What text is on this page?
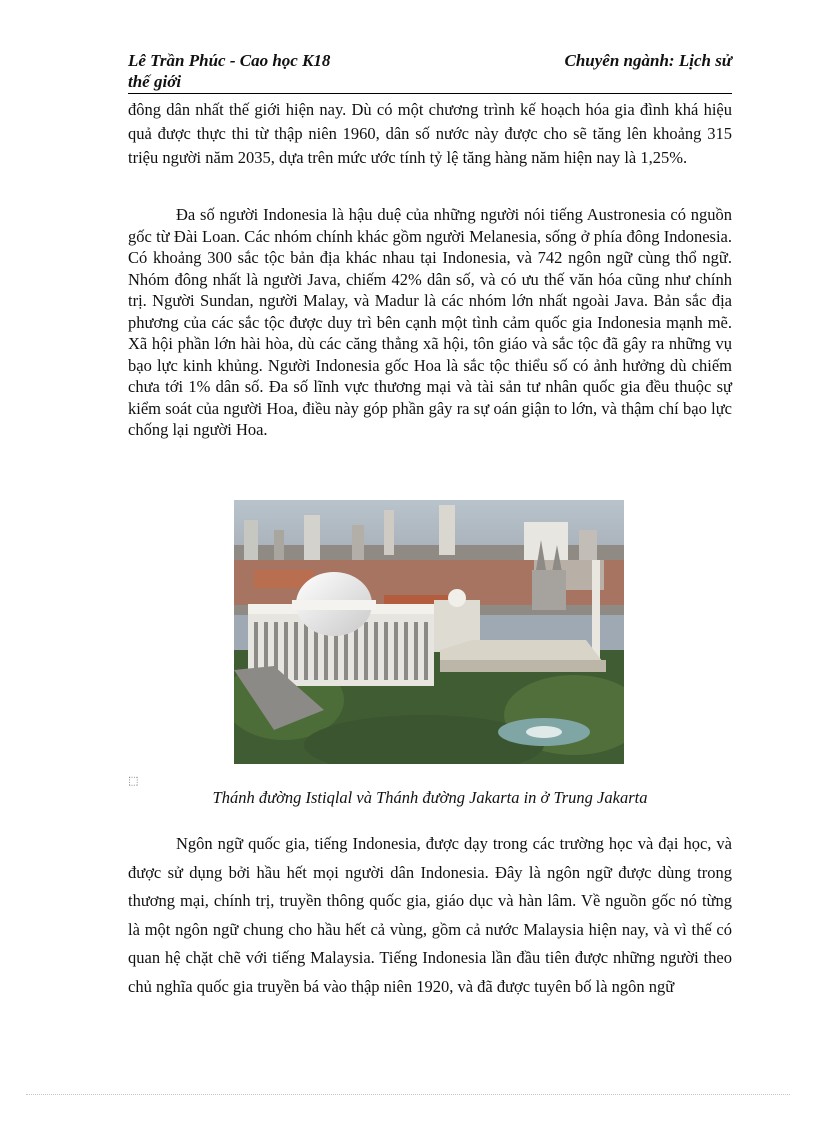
Lê Trần Phúc - Cao học K18	Chuyên ngành: Lịch sử
thế giới

đông dân nhất thế giới hiện nay. Dù có một chương trình kế hoạch hóa gia đình khá hiệu quả được thực thi từ thập niên 1960, dân số nước này được cho sẽ tăng lên khoảng 315 triệu người năm 2035, dựa trên mức ước tính tỷ lệ tăng hàng năm hiện nay là 1,25%.

Đa số người Indonesia là hậu duệ của những người nói tiếng Austronesia có nguồn gốc từ Đài Loan. Các nhóm chính khác gồm người Melanesia, sống ở phía đông Indonesia. Có khoảng 300 sắc tộc bản địa khác nhau tại Indonesia, và 742 ngôn ngữ cùng thổ ngữ. Nhóm đông nhất là người Java, chiếm 42% dân số, và có ưu thế văn hóa cũng như chính trị. Người Sundan, người Malay, và Madur là các nhóm lớn nhất ngoài Java. Bản sắc địa phương của các sắc tộc được duy trì bên cạnh một tình cảm quốc gia Indonesia mạnh mẽ. Xã hội phần lớn hài hòa, dù các căng thẳng xã hội, tôn giáo và sắc tộc đã gây ra những vụ bạo lực kinh khủng. Người Indonesia gốc Hoa là sắc tộc thiểu số có ảnh hưởng dù chiếm chưa tới 1% dân số. Đa số lĩnh vực thương mại và tài sản tư nhân quốc gia đều thuộc sự kiểm soát của người Hoa, điều này góp phần gây ra sự oán giận to lớn, và thậm chí bạo lực chống lại người Hoa.

⬚
Thánh đường Istiqlal và Thánh đường Jakarta in ở Trung Jakarta

Ngôn ngữ quốc gia, tiếng Indonesia, được dạy trong các trường học và đại học, và được sử dụng bởi hầu hết mọi người dân Indonesia. Đây là ngôn ngữ được dùng trong thương mại, chính trị, truyền thông quốc gia, giáo dục và hàn lâm. Về nguồn gốc nó từng là một ngôn ngữ chung cho hầu hết cả vùng, gồm cả nước Malaysia hiện nay, và vì thế có quan hệ chặt chẽ với tiếng Malaysia. Tiếng Indonesia lần đầu tiên được những người theo chủ nghĩa quốc gia truyền bá vào thập niên 1920, và đã được tuyên bố là ngôn ngữ
